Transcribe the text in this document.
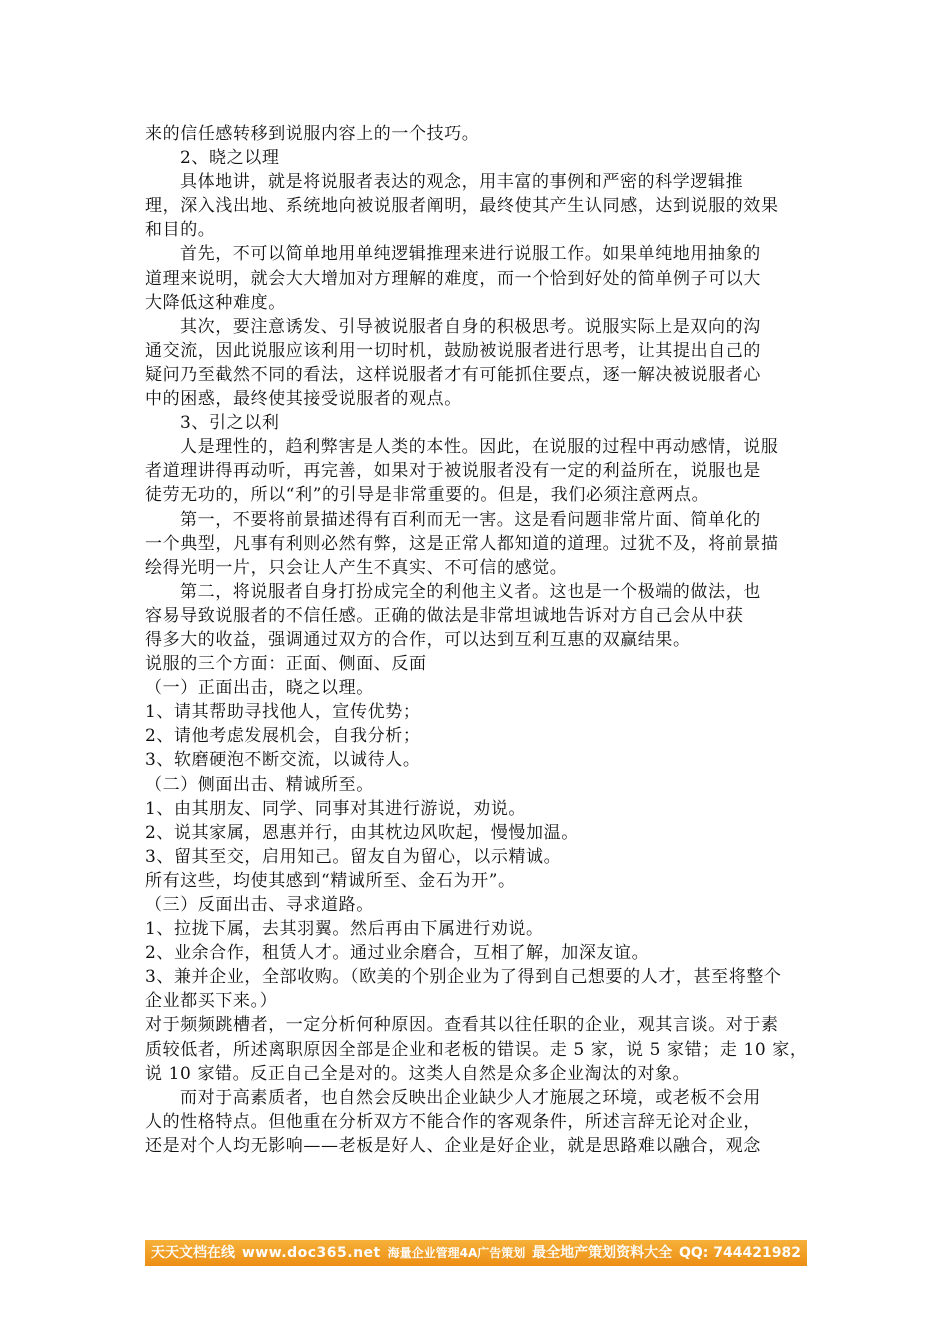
来的信任感转移到说服内容上的一个技巧。
2、晓之以理
具体地讲，就是将说服者表达的观念，用丰富的事例和严密的科学逻辑推
理，深入浅出地、系统地向被说服者阐明，最终使其产生认同感，达到说服的效果
和目的。
首先，不可以简单地用单纯逻辑推理来进行说服工作。如果单纯地用抽象的
道理来说明，就会大大增加对方理解的难度，而一个恰到好处的简单例子可以大
大降低这种难度。
其次，要注意诱发、引导被说服者自身的积极思考。说服实际上是双向的沟
通交流，因此说服应该利用一切时机，鼓励被说服者进行思考，让其提出自己的
疑问乃至截然不同的看法，这样说服者才有可能抓住要点，逐一解决被说服者心
中的困惑，最终使其接受说服者的观点。
3、引之以利
人是理性的，趋利弊害是人类的本性。因此，在说服的过程中再动感情，说服
者道理讲得再动听，再完善，如果对于被说服者没有一定的利益所在，说服也是
徒劳无功的，所以“利”的引导是非常重要的。但是，我们必须注意两点。
第一，不要将前景描述得有百利而无一害。这是看问题非常片面、简单化的
一个典型，凡事有利则必然有弊，这是正常人都知道的道理。过犹不及，将前景描
绘得光明一片，只会让人产生不真实、不可信的感觉。
第二，将说服者自身打扮成完全的利他主义者。这也是一个极端的做法，也
容易导致说服者的不信任感。正确的做法是非常坦诚地告诉对方自己会从中获
得多大的收益，强调通过双方的合作，可以达到互利互惠的双赢结果。
说服的三个方面：正面、侧面、反面
（一）正面出击，晓之以理。
1、请其帮助寻找他人，宣传优势；
2、请他考虑发展机会，自我分析；
3、软磨硬泡不断交流，以诚待人。
（二）侧面出击、精诚所至。
1、由其朋友、同学、同事对其进行游说，劝说。
2、说其家属，恩惠并行，由其枕边风吹起，慢慢加温。
3、留其至交，启用知己。留友自为留心，以示精诚。
所有这些，均使其感到“精诚所至、金石为开”。
（三）反面出击、寻求道路。
1、拉拢下属，去其羽翼。然后再由下属进行劝说。
2、业余合作，租赁人才。通过业余磨合，互相了解，加深友谊。
3、兼并企业，全部收购。（欧美的个别企业为了得到自己想要的人才，甚至将整个
企业都买下来。）
对于频频跳槽者，一定分析何种原因。查看其以往任职的企业，观其言谈。对于素
质较低者，所述离职原因全部是企业和老板的错误。走 5 家，说 5 家错；走 10 家，
说 10 家错。反正自己全是对的。这类人自然是众多企业淘汰的对象。
而对于高素质者，也自然会反映出企业缺少人才施展之环境，或老板不会用
人的性格特点。但他重在分析双方不能合作的客观条件，所述言辞无论对企业，
还是对个人均无影响——老板是好人、企业是好企业，就是思路难以融合，观念
天天文档在线 www.doc365.net 海量企业管理4A广告策划 最全地产策划资料大全 QQ: 744421982
